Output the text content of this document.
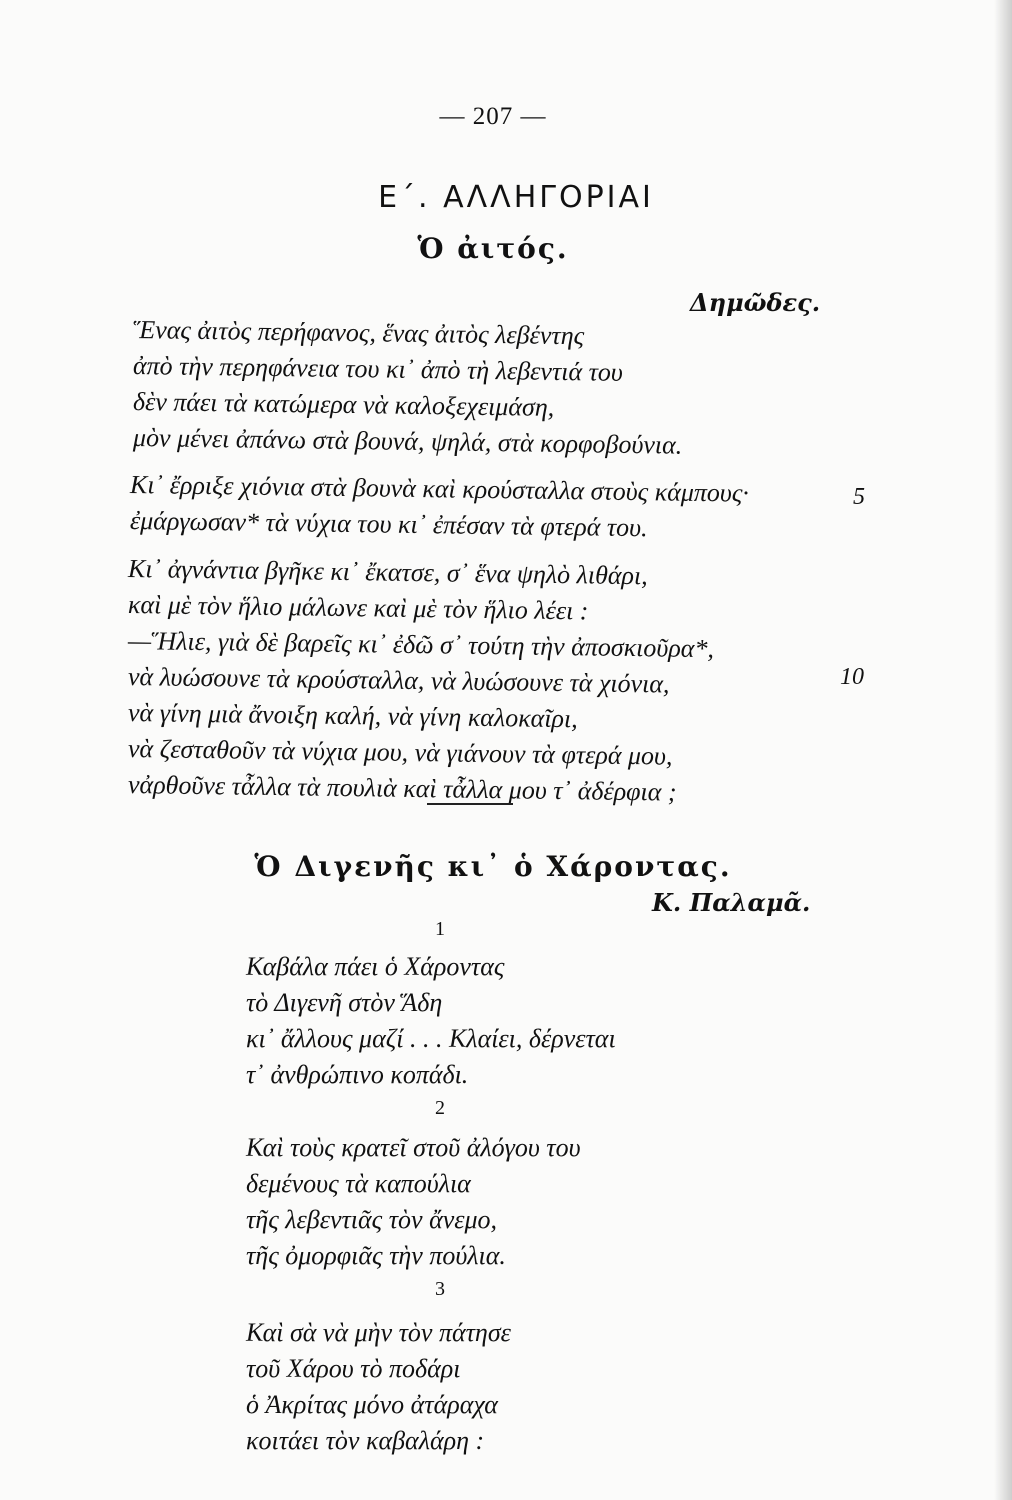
— 207 —
Ε΄. ΑΛΛΗΓΟΡΙΑΙ
Ὁ ἀιτός.
Δημῶδες.
Ἕνας ἀιτὸς περήφανος, ἕνας ἀιτὸς λεβέντης
ἀπὸ τὴν περηφάνεια του κι᾿ ἀπὸ τὴ λεβεντιά του
δὲν πάει τὰ κατώμερα νὰ καλοξεχειμάση,
μὸν μένει ἀπάνω στὰ βουνά, ψηλά, στὰ κορφοβούνια.
Κι᾿ ἔρριξε χιόνια στὰ βουνὰ καὶ κρούσταλλα στοὺς κάμπους·
ἐμάργωσαν* τὰ νύχια του κι᾿ ἐπέσαν τὰ φτερά του.
5
Κι᾿ ἀγνάντια βγῆκε κι᾿ ἔκατσε, σ᾿ ἕνα ψηλὸ λιθάρι,
καὶ μὲ τὸν ἥλιο μάλωνε καὶ μὲ τὸν ἥλιο λέει :
—Ἥλιε, γιὰ δὲ βαρεῖς κι᾿ ἐδῶ σ᾿ τούτη τὴν ἀποσκιοῦρα*,
νὰ λυώσουνε τὰ κρούσταλλα, νὰ λυώσουνε τὰ χιόνια,
νὰ γίνη μιὰ ἄνοιξη καλή, νὰ γίνη καλοκαῖρι,
νὰ ζεσταθοῦν τὰ νύχια μου, νὰ γιάνουν τὰ φτερά μου,
νἀρθοῦνε τἆλλα τὰ πουλιὰ καὶ τἆλλα μου τ᾿ ἀδέρφια ;
10
Ὁ Διγενῆς κι᾿ ὁ Χάροντας.
Κ. Παλαμᾶ.
1
Καβάλα πάει ὁ Χάροντας
τὸ Διγενῆ στὸν Ἅδη
κι᾿ ἄλλους μαζί . . . Κλαίει, δέρνεται
τ᾿ ἀνθρώπινο κοπάδι.
2
Καὶ τοὺς κρατεῖ στοῦ ἀλόγου του
δεμένους τὰ καπούλια
τῆς λεβεντιᾶς τὸν ἄνεμο,
τῆς ὀμορφιᾶς τὴν πούλια.
3
Καὶ σὰ νὰ μὴν τὸν πάτησε
τοῦ Χάρου τὸ ποδάρι
ὁ Ἀκρίτας μόνο ἀτάραχα
κοιτάει τὸν καβαλάρη :
